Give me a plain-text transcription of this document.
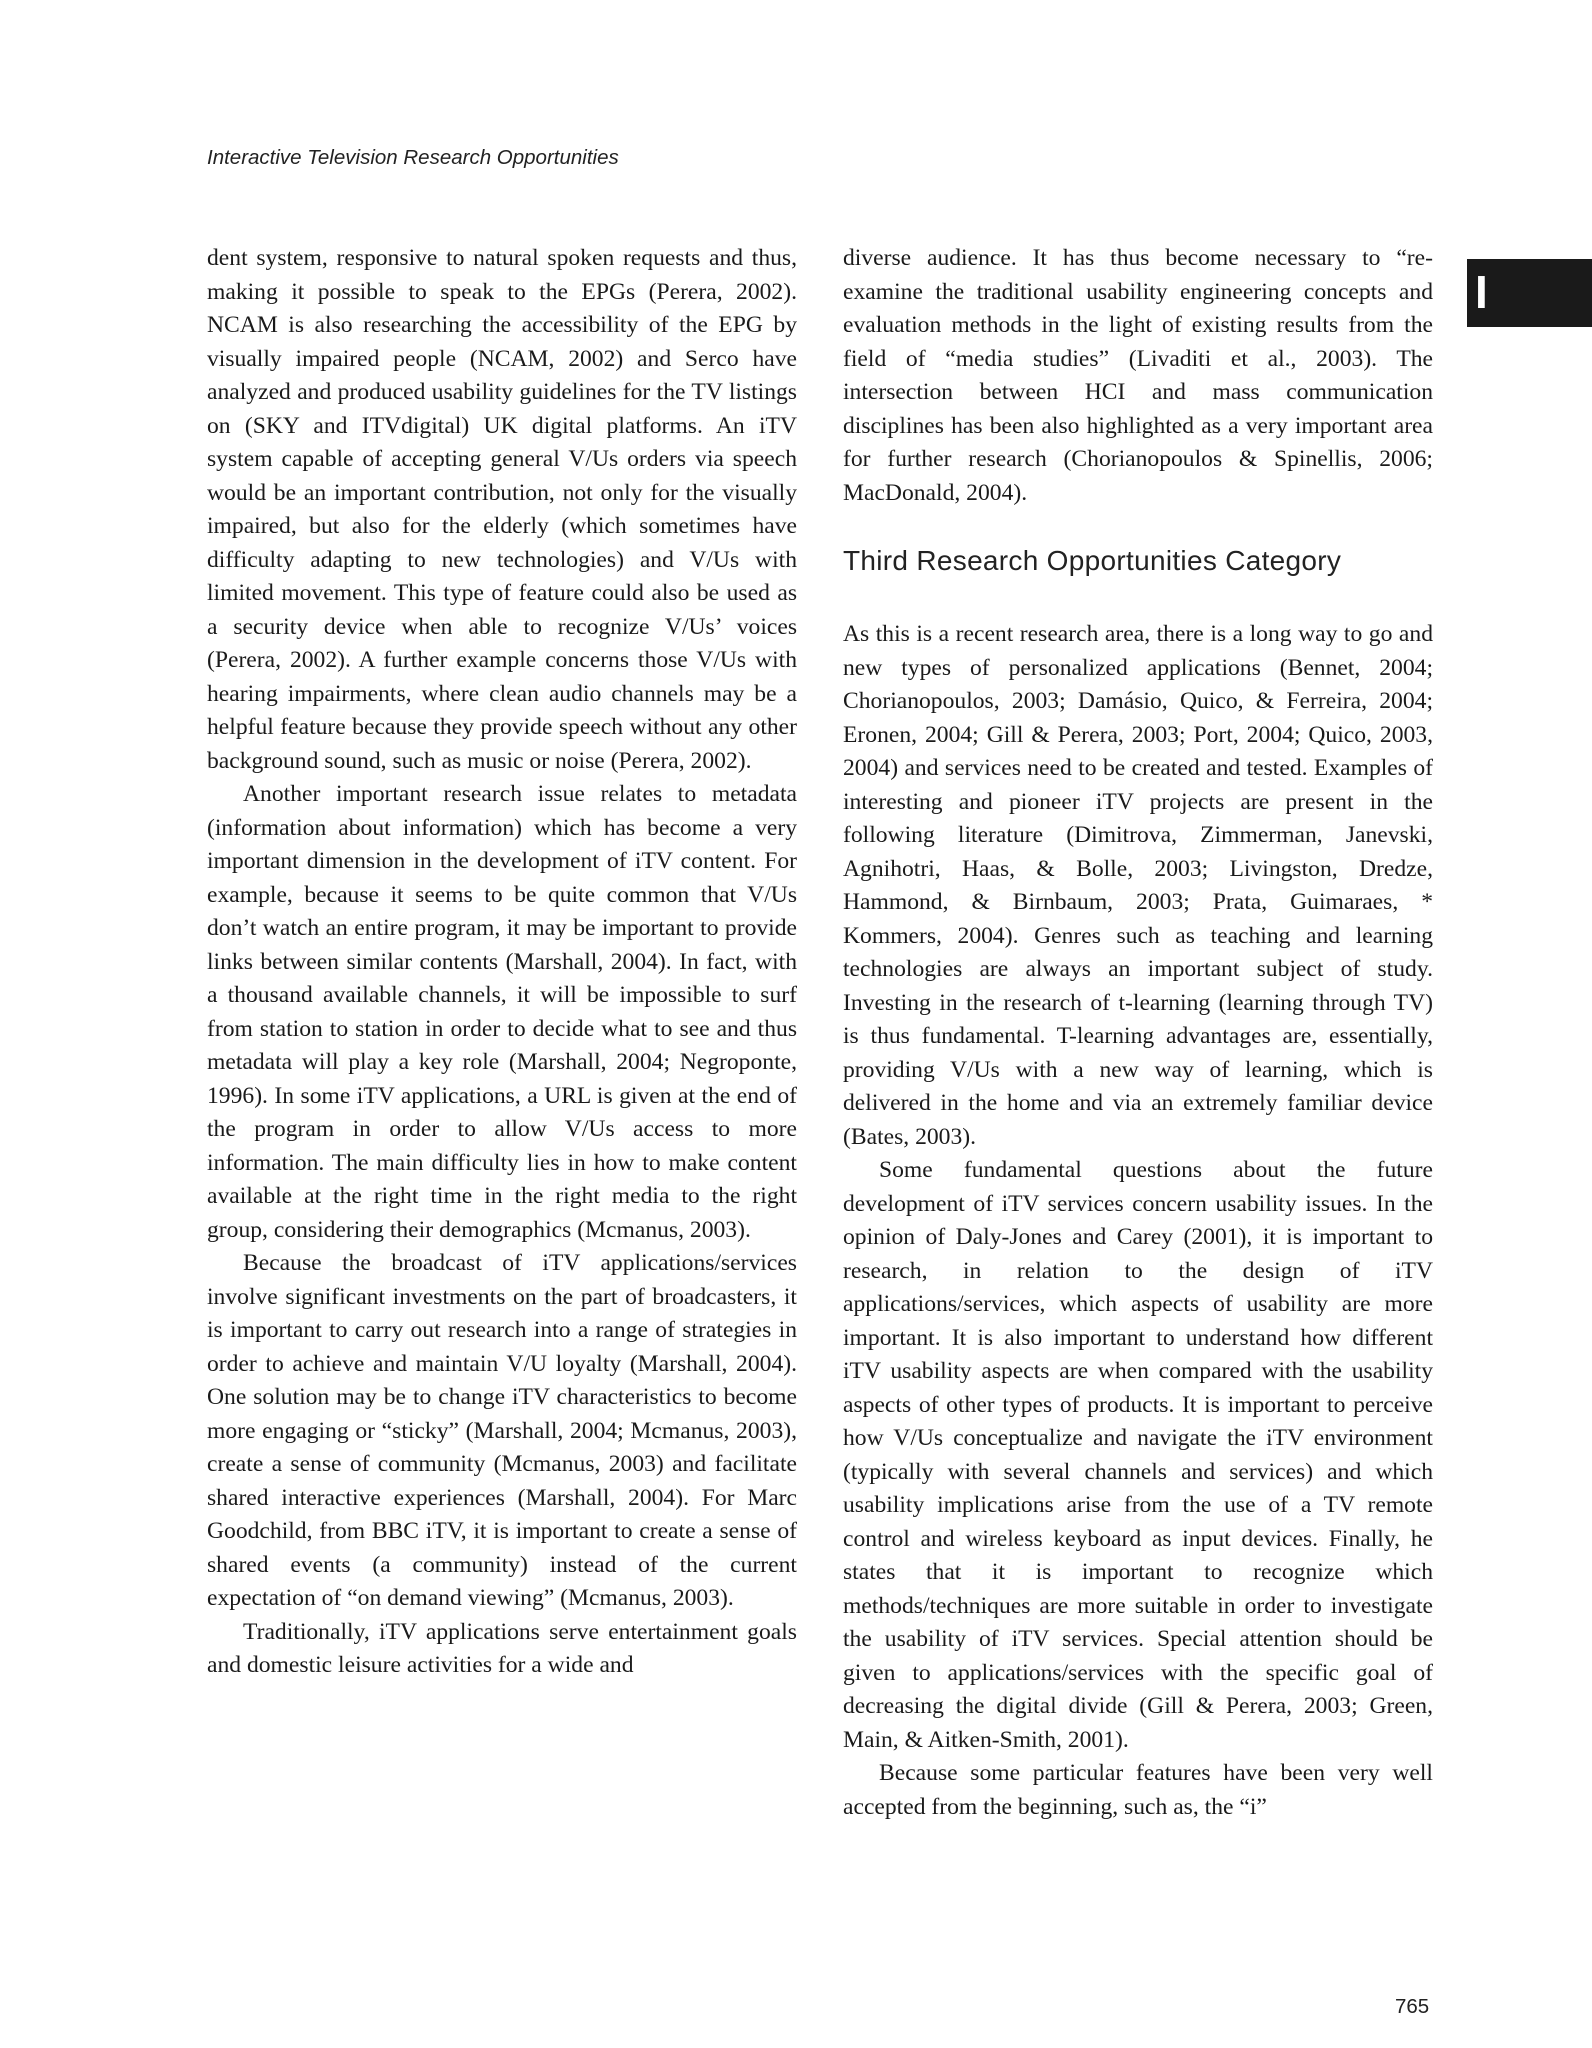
Interactive Television Research Opportunities
I

dent system, responsive to natural spoken requests and thus, making it possible to speak to the EPGs (Perera, 2002). NCAM is also researching the accessibility of the EPG by visually impaired people (NCAM, 2002) and Serco have analyzed and produced usability guidelines for the TV listings on (SKY and ITVdigital) UK digital platforms. An iTV system capable of accepting general V/Us orders via speech would be an important contribution, not only for the visually impaired, but also for the elderly (which sometimes have difficulty adapting to new technologies) and V/Us with limited movement. This type of feature could also be used as a security device when able to recognize V/Us’ voices (Perera, 2002). A further example concerns those V/Us with hearing impairments, where clean audio channels may be a helpful feature because they provide speech without any other background sound, such as music or noise (Perera, 2002).

Another important research issue relates to metadata (information about information) which has become a very important dimension in the development of iTV content. For example, because it seems to be quite common that V/Us don’t watch an entire program, it may be important to provide links between similar contents (Marshall, 2004). In fact, with a thousand available channels, it will be impossible to surf from station to station in order to decide what to see and thus metadata will play a key role (Marshall, 2004; Negroponte, 1996). In some iTV applications, a URL is given at the end of the program in order to allow V/Us access to more information. The main difficulty lies in how to make content available at the right time in the right media to the right group, considering their demographics (Mcmanus, 2003).

Because the broadcast of iTV applications/services involve significant investments on the part of broadcasters, it is important to carry out research into a range of strategies in order to achieve and maintain V/U loyalty (Marshall, 2004). One solution may be to change iTV characteristics to become more engaging or “sticky” (Marshall, 2004; Mcmanus, 2003), create a sense of community (Mcmanus, 2003) and facilitate shared interactive experiences (Marshall, 2004). For Marc Goodchild, from BBC iTV, it is important to create a sense of shared events (a community) instead of the current expectation of “on demand viewing” (Mcmanus, 2003).

Traditionally, iTV applications serve entertainment goals and domestic leisure activities for a wide and

diverse audience. It has thus become necessary to “re-examine the traditional usability engineering concepts and evaluation methods in the light of existing results from the field of “media studies” (Livaditi et al., 2003). The intersection between HCI and mass communication disciplines has been also highlighted as a very important area for further research (Chorianopoulos & Spinellis, 2006; MacDonald, 2004).

Third Research Opportunities Category

As this is a recent research area, there is a long way to go and new types of personalized applications (Bennet, 2004; Chorianopoulos, 2003; Damásio, Quico, & Ferreira, 2004; Eronen, 2004; Gill & Perera, 2003; Port, 2004; Quico, 2003, 2004) and services need to be created and tested. Examples of interesting and pioneer iTV projects are present in the following literature (Dimitrova, Zimmerman, Janevski, Agnihotri, Haas, & Bolle, 2003; Livingston, Dredze, Hammond, & Birnbaum, 2003; Prata, Guimaraes, * Kommers, 2004). Genres such as teaching and learning technologies are always an important subject of study. Investing in the research of t-learning (learning through TV) is thus fundamental. T-learning advantages are, essentially, providing V/Us with a new way of learning, which is delivered in the home and via an extremely familiar device (Bates, 2003).

Some fundamental questions about the future development of iTV services concern usability issues. In the opinion of Daly-Jones and Carey (2001), it is important to research, in relation to the design of iTV applications/services, which aspects of usability are more important. It is also important to understand how different iTV usability aspects are when compared with the usability aspects of other types of products. It is important to perceive how V/Us conceptualize and navigate the iTV environment (typically with several channels and services) and which usability implications arise from the use of a TV remote control and wireless keyboard as input devices. Finally, he states that it is important to recognize which methods/techniques are more suitable in order to investigate the usability of iTV services. Special attention should be given to applications/services with the specific goal of decreasing the digital divide (Gill & Perera, 2003; Green, Main, & Aitken-Smith, 2001).

Because some particular features have been very well accepted from the beginning, such as, the “i”

765
